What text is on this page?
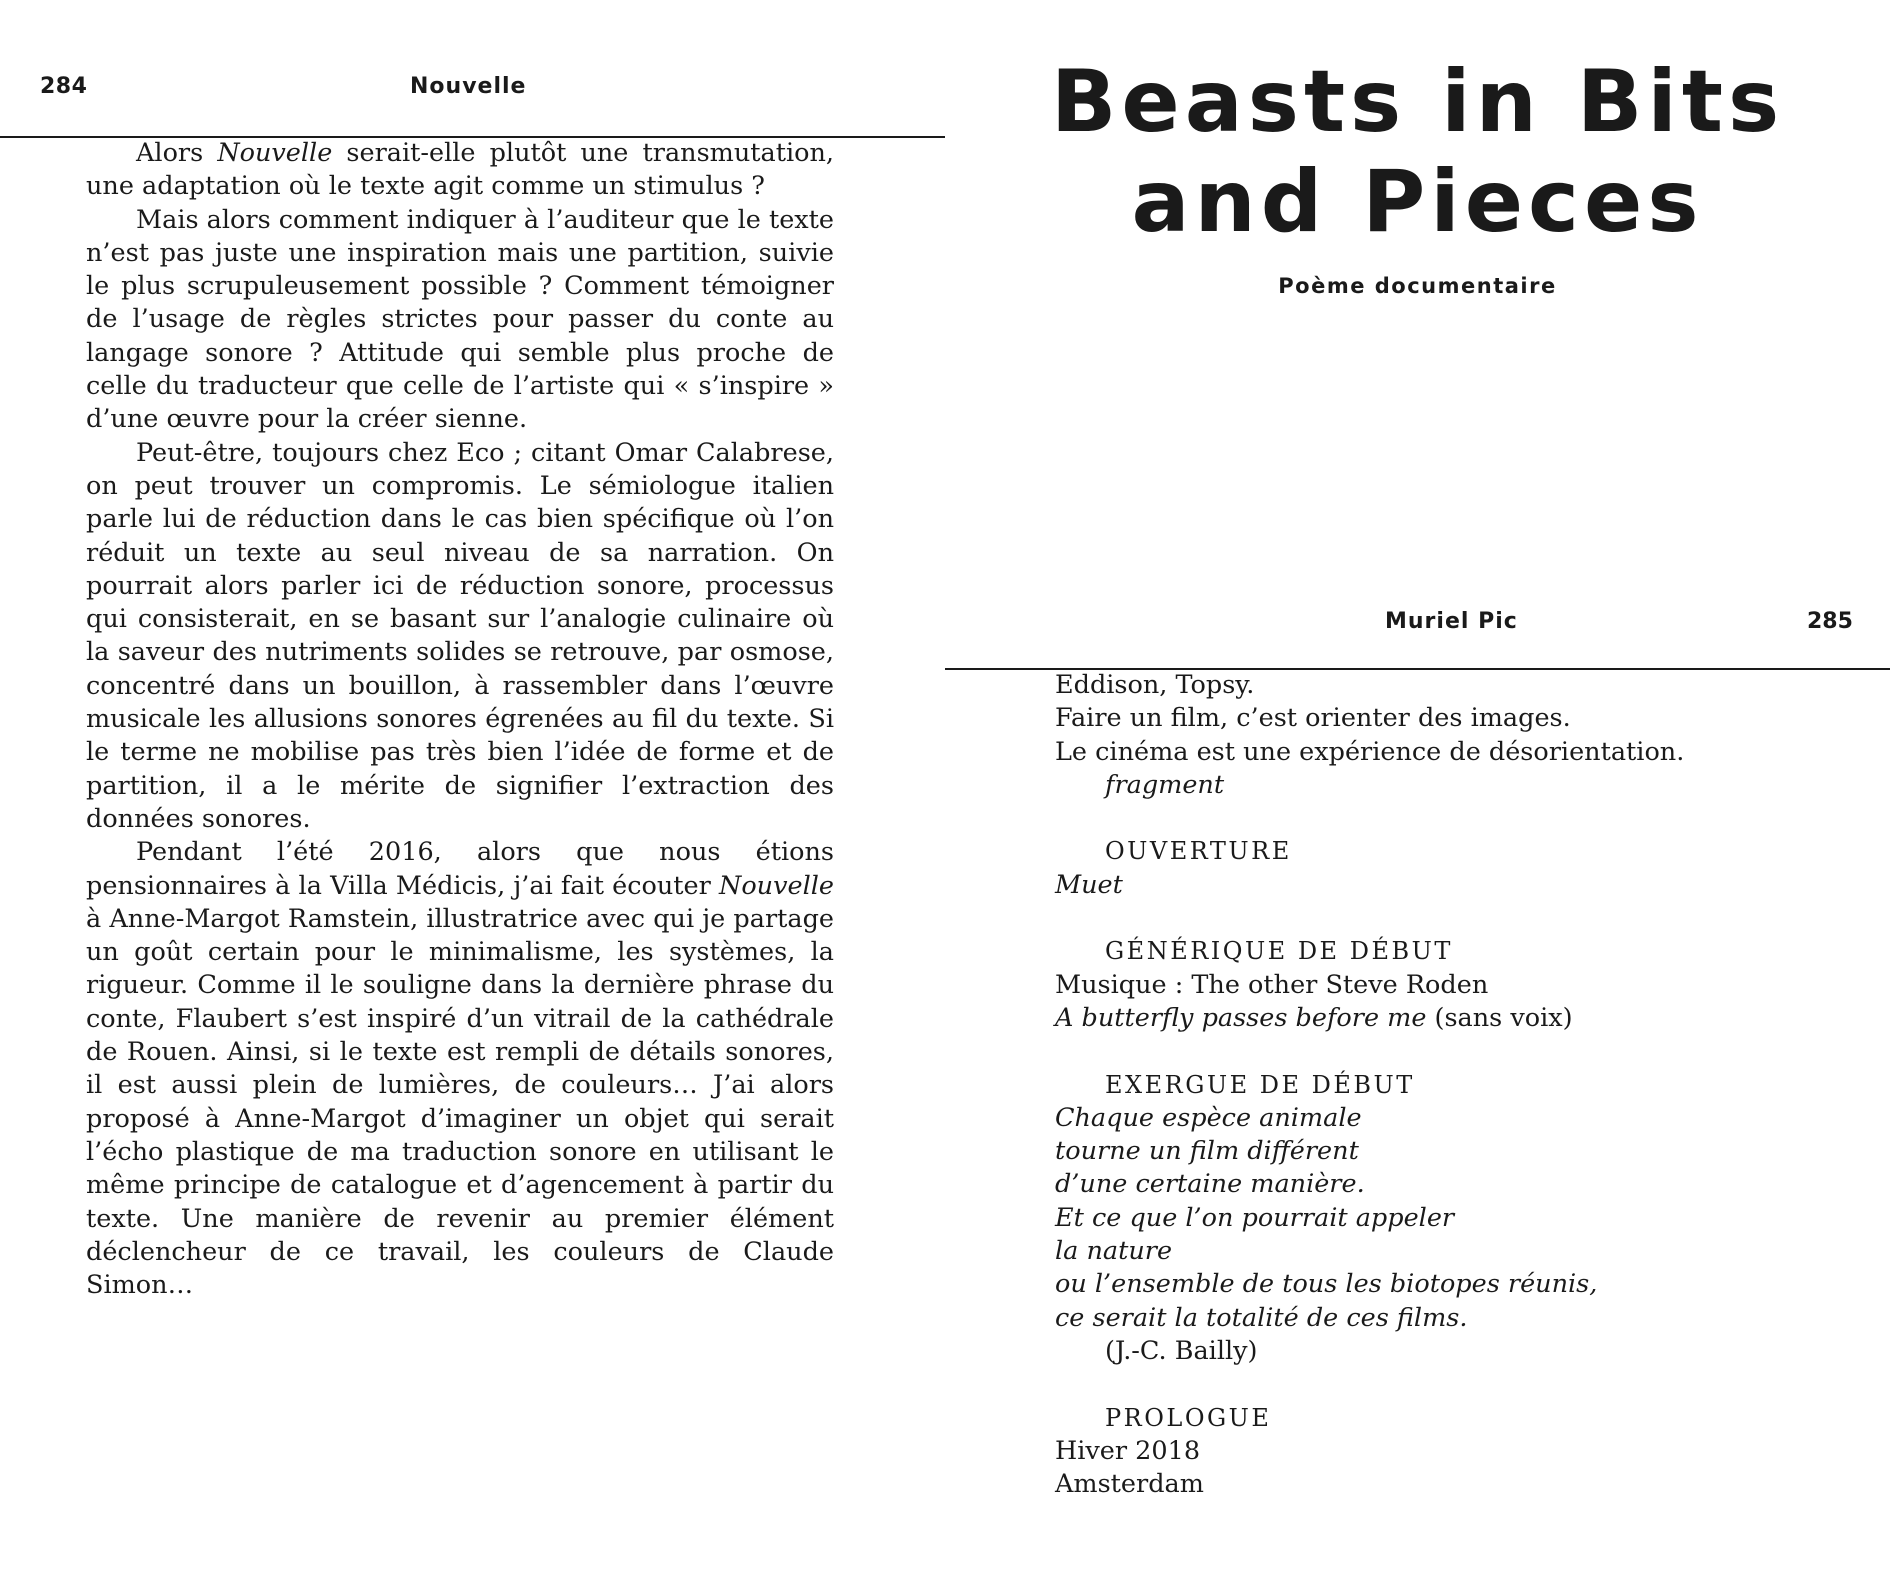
284	Nouvelle

Alors Nouvelle serait-elle plutôt une transmutation, une adaptation où le texte agit comme un stimulus ?

Mais alors comment indiquer à l’auditeur que le texte n’est pas juste une inspiration mais une partition, suivie le plus scrupuleusement possible ? Comment témoigner de l’usage de règles strictes pour passer du conte au langage sonore ? Attitude qui semble plus proche de celle du traducteur que celle de l’artiste qui « s’inspire » d’une œuvre pour la créer sienne.

Peut-être, toujours chez Eco ; citant Omar Calabrese, on peut trouver un compromis. Le sémiologue italien parle lui de réduction dans le cas bien spécifique où l’on réduit un texte au seul niveau de sa narration. On pourrait alors parler ici de réduction sonore, processus qui consisterait, en se basant sur l’analogie culinaire où la saveur des nutriments solides se retrouve, par osmose, concentré dans un bouillon, à rassembler dans l’œuvre musicale les allusions sonores égrenées au fil du texte. Si le terme ne mobilise pas très bien l’idée de forme et de partition, il a le mérite de signifier l’extraction des données sonores.

Pendant l’été 2016, alors que nous étions pensionnaires à la Villa Médicis, j’ai fait écouter Nouvelle à Anne-Margot Ramstein, illustratrice avec qui je partage un goût certain pour le minimalisme, les systèmes, la rigueur. Comme il le souligne dans la dernière phrase du conte, Flaubert s’est inspiré d’un vitrail de la cathédrale de Rouen. Ainsi, si le texte est rempli de détails sonores, il est aussi plein de lumières, de couleurs… J’ai alors proposé à Anne-Margot d’imaginer un objet qui serait l’écho plastique de ma traduction sonore en utilisant le même principe de catalogue et d’agencement à partir du texte. Une manière de revenir au premier élément déclencheur de ce travail, les couleurs de Claude Simon…

Beasts in Bits
and Pieces
Poème documentaire
Muriel Pic	285
Eddison, Topsy.
Faire un film, c’est orienter des images.
Le cinéma est une expérience de désorientation.
fragment
OUVERTURE
Muet
GÉNÉRIQUE DE DÉBUT
Musique : The other Steve Roden
A butterfly passes before me (sans voix)
EXERGUE DE DÉBUT
Chaque espèce animale
tourne un film différent
d’une certaine manière.
Et ce que l’on pourrait appeler
la nature
ou l’ensemble de tous les biotopes réunis,
ce serait la totalité de ces films.
(J.-C. Bailly)
PROLOGUE
Hiver 2018
Amsterdam
